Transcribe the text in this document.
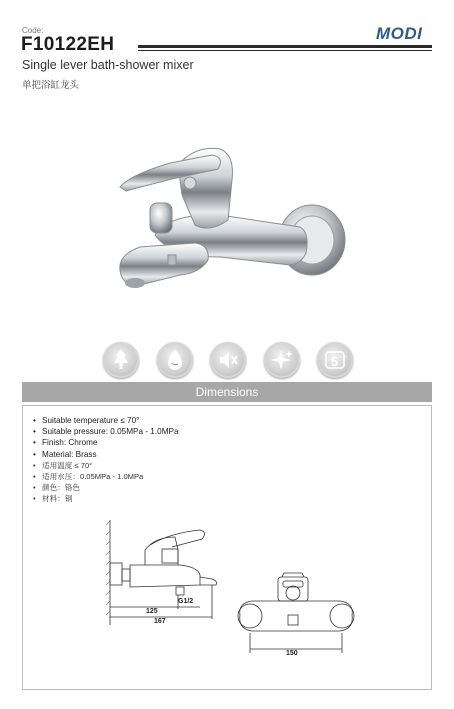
Code:
F10122EH
MODI
Single lever bath-shower mixer
单把浴缸龙头
5 YEAR
Dimensions
• Suitable temperature ≤ 70°
• Suitable pressure: 0.05MPa - 1.0MPa
• Finish: Chrome
• Material: Brass
• 适用温度 ≤ 70°
• 适用水压：0.05MPa - 1.0MPa
• 颜色：铬色
• 材料：铜
G1/2
125
167
150
